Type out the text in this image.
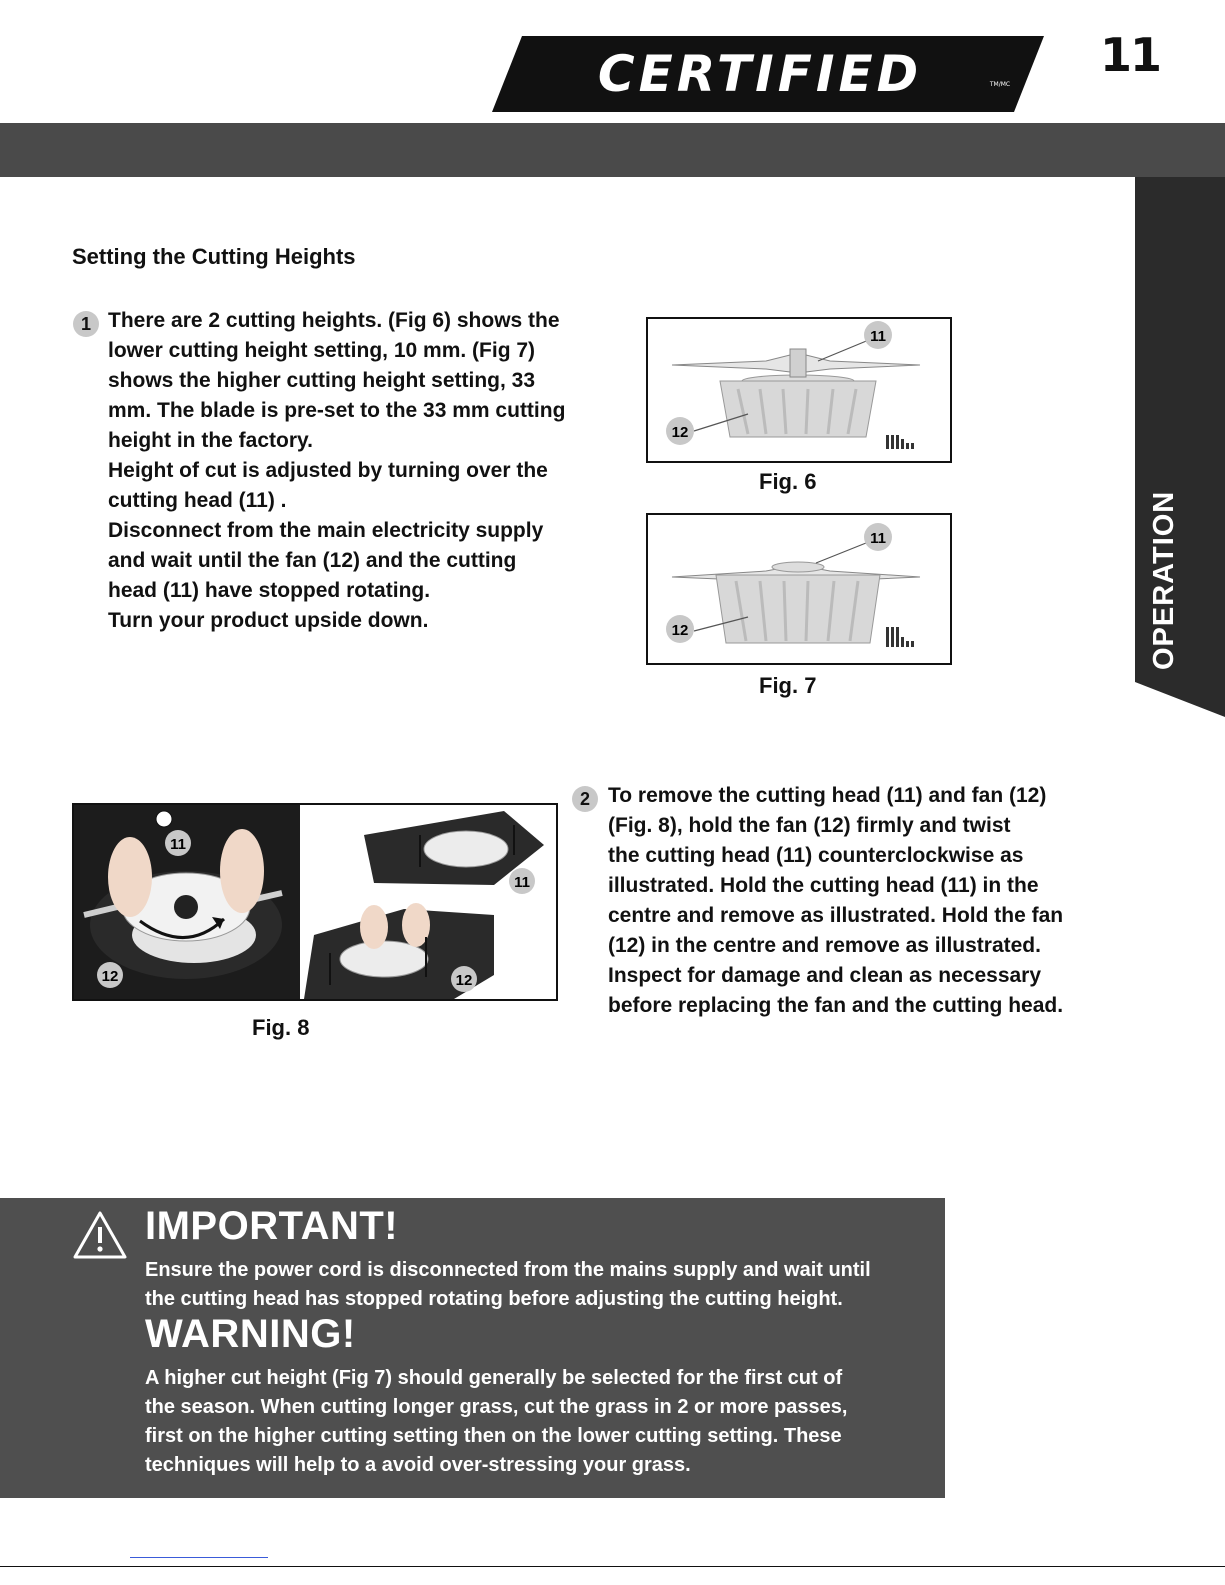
CERTIFIED	TM/MC
11
OPERATION
Setting the Cutting Heights
1 There are 2 cutting heights. (Fig 6) shows the

lower cutting height setting, 10 mm. (Fig 7)

shows the higher cutting height setting, 33

mm. The blade is pre-set to the 33 mm cutting

height in the factory.

Height of cut is adjusted by turning over the

cutting head (11) .

Disconnect from the main electricity supply

and wait until the fan (12) and the cutting

head (11) have stopped rotating.

Turn your product upside down.

11
12
Fig. 6
11
12
Fig. 7
11
12
11
12
Fig. 8
2 To remove the cutting head (11) and fan (12)

(Fig. 8), hold the fan (12) firmly and twist

the cutting head (11) counterclockwise as

illustrated. Hold the cutting head (11) in the

centre and remove as illustrated. Hold the fan

(12) in the centre and remove as illustrated.

Inspect for damage and clean as necessary

before replacing the fan and the cutting head.

IMPORTANT!
Ensure the power cord is disconnected from the mains supply and wait until
the cutting head has stopped rotating before adjusting the cutting height.
WARNING!
A higher cut height (Fig 7) should generally be selected for the first cut of
the season. When cutting longer grass, cut the grass in 2 or more passes,
first on the higher cutting setting then on the lower cutting setting. These
techniques will help to a avoid over-stressing your grass.
